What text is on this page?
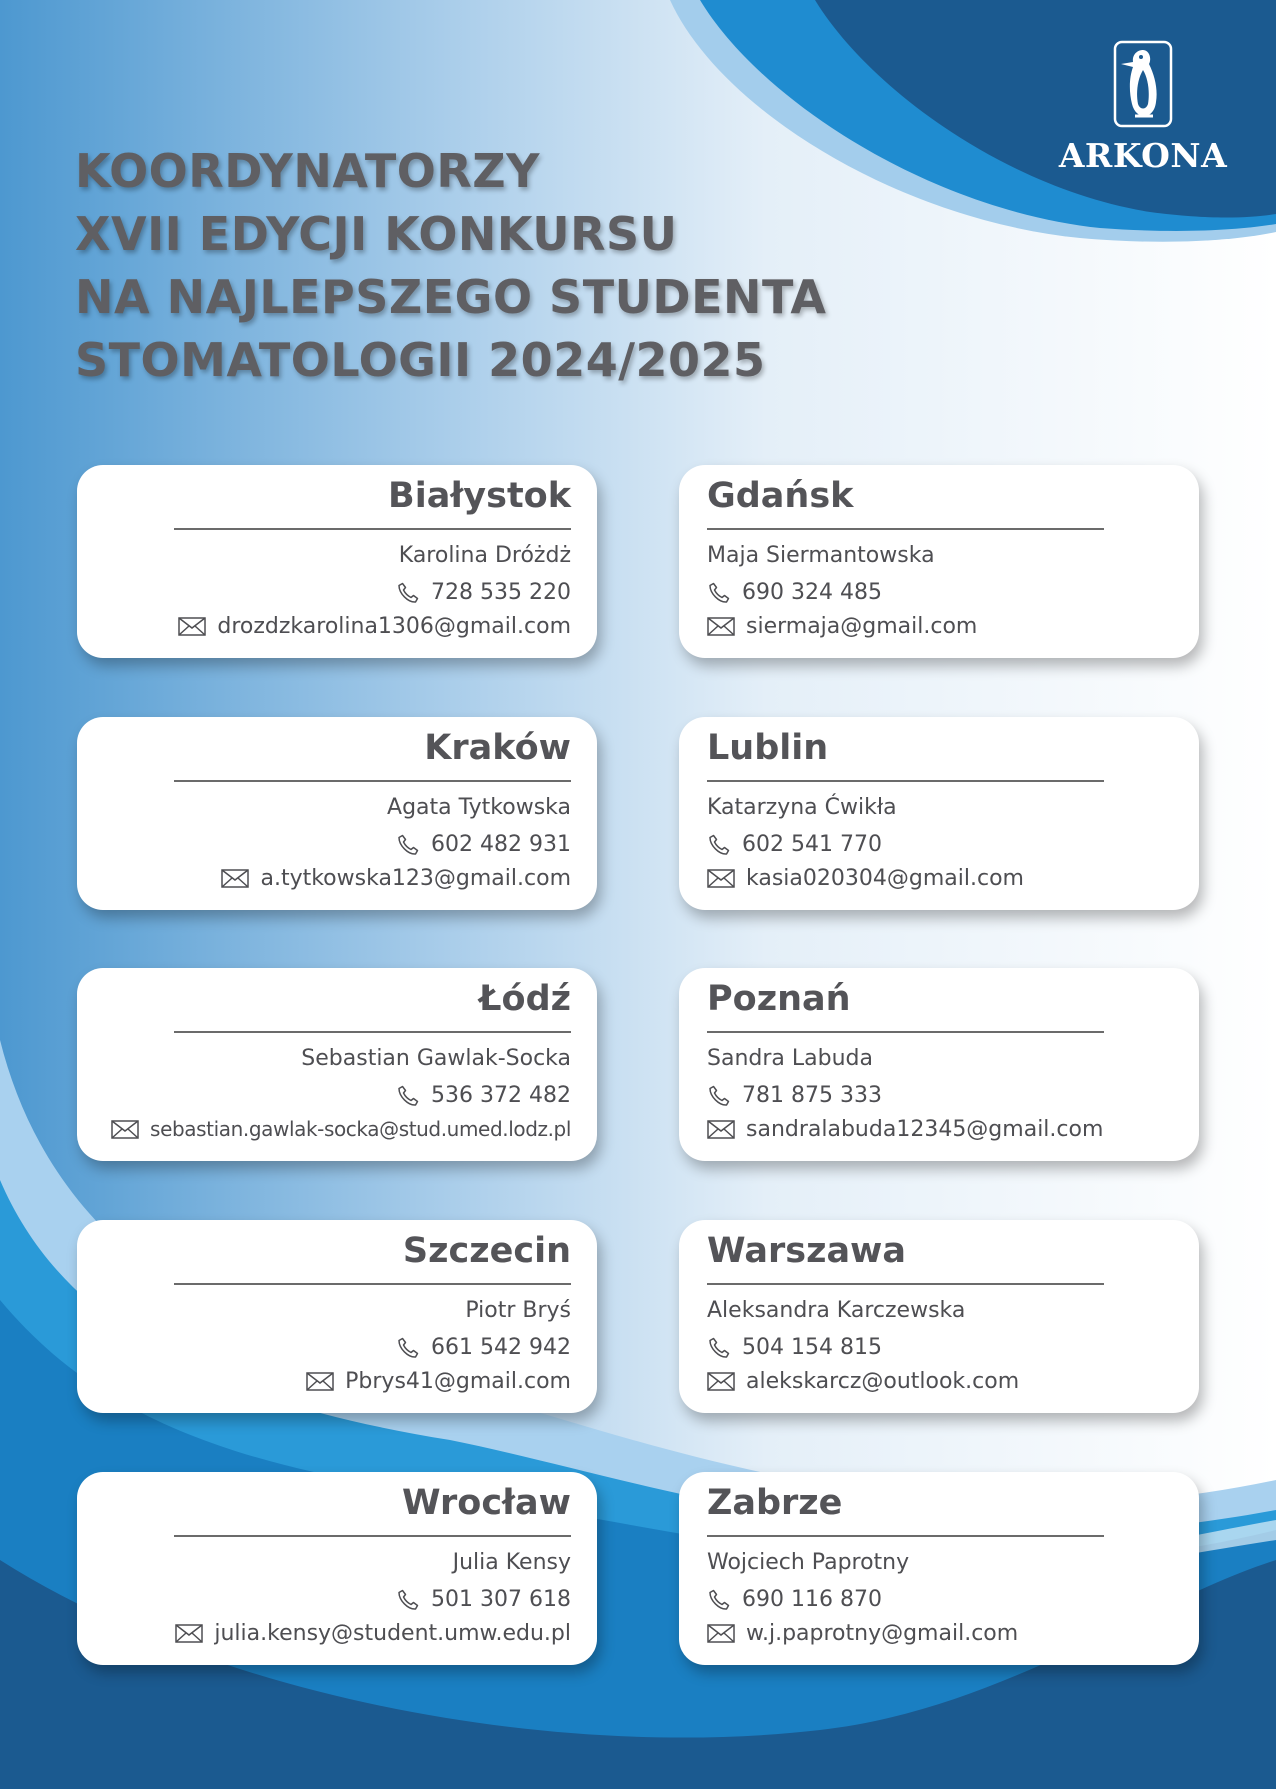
KOORDYNATORZY
XVII EDYCJI KONKURSU
NA NAJLEPSZEGO STUDENTA
STOMATOLOGII 2024/2025
ARKONA
Białystok
Karolina Dróżdż
728 535 220
drozdzkarolina1306@gmail.com
Gdańsk
Maja Siermantowska
690 324 485
siermaja@gmail.com
Kraków
Agata Tytkowska
602 482 931
a.tytkowska123@gmail.com
Lublin
Katarzyna Ćwikła
602 541 770
kasia020304@gmail.com
Łódź
Sebastian Gawlak-Socka
536 372 482
sebastian.gawlak-socka@stud.umed.lodz.pl
Poznań
Sandra Labuda
781 875 333
sandralabuda12345@gmail.com
Szczecin
Piotr Bryś
661 542 942
Pbrys41@gmail.com
Warszawa
Aleksandra Karczewska
504 154 815
alekskarcz@outlook.com
Wrocław
Julia Kensy
501 307 618
julia.kensy@student.umw.edu.pl
Zabrze
Wojciech Paprotny
690 116 870
w.j.paprotny@gmail.com
